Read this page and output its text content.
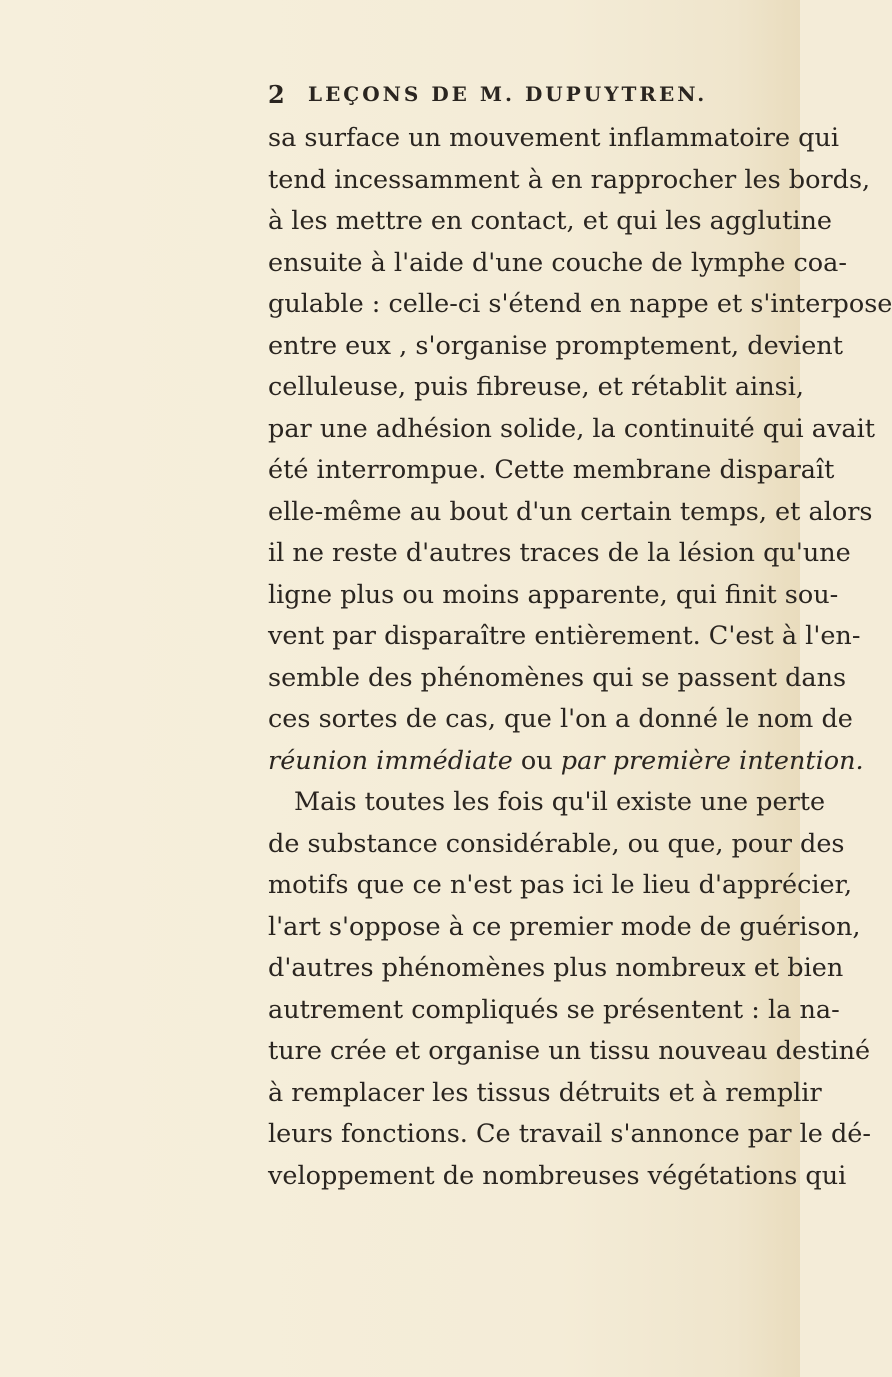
2 LEÇONS DE M. DUPUYTREN.
sa surface un mouvement inflammatoire qui
tend incessamment à en rapprocher les bords,
à les mettre en contact, et qui les agglutine
ensuite à l'aide d'une couche de lymphe coa-
gulable : celle-ci s'étend en nappe et s'interpose
entre eux , s'organise promptement, devient
celluleuse, puis fibreuse, et rétablit ainsi,
par une adhésion solide, la continuité qui avait
été interrompue. Cette membrane disparaît
elle-même au bout d'un certain temps, et alors
il ne reste d'autres traces de la lésion qu'une
ligne plus ou moins apparente, qui finit sou-
vent par disparaître entièrement. C'est à l'en-
semble des phénomènes qui se passent dans
ces sortes de cas, que l'on a donné le nom de
réunion immédiate ou par première intention.
Mais toutes les fois qu'il existe une perte
de substance considérable, ou que, pour des
motifs que ce n'est pas ici le lieu d'apprécier,
l'art s'oppose à ce premier mode de guérison,
d'autres phénomènes plus nombreux et bien
autrement compliqués se présentent : la na-
ture crée et organise un tissu nouveau destiné
à remplacer les tissus détruits et à remplir
leurs fonctions. Ce travail s'annonce par le dé-
veloppement de nombreuses végétations qui
